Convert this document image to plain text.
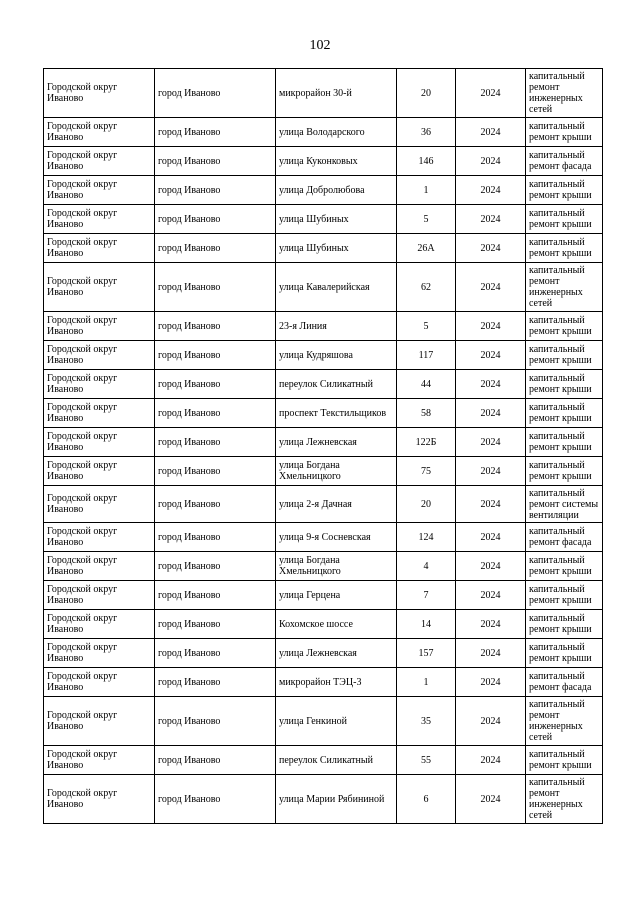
102
Городской округ Иваново	город Иваново	микрорайон 30-й	20	2024	капитальный ремонт инженерных сетей
Городской округ Иваново	город Иваново	улица Володарского	36	2024	капитальный ремонт крыши
Городской округ Иваново	город Иваново	улица Куконковых	146	2024	капитальный ремонт фасада
Городской округ Иваново	город Иваново	улица Добролюбова	1	2024	капитальный ремонт крыши
Городской округ Иваново	город Иваново	улица Шубиных	5	2024	капитальный ремонт крыши
Городской округ Иваново	город Иваново	улица Шубиных	26А	2024	капитальный ремонт крыши
Городской округ Иваново	город Иваново	улица Кавалерийская	62	2024	капитальный ремонт инженерных сетей
Городской округ Иваново	город Иваново	23-я Линия	5	2024	капитальный ремонт крыши
Городской округ Иваново	город Иваново	улица Кудряшова	117	2024	капитальный ремонт крыши
Городской округ Иваново	город Иваново	переулок Силикатный	44	2024	капитальный ремонт крыши
Городской округ Иваново	город Иваново	проспект Текстильщиков	58	2024	капитальный ремонт крыши
Городской округ Иваново	город Иваново	улица Лежневская	122Б	2024	капитальный ремонт крыши
Городской округ Иваново	город Иваново	улица Богдана Хмельницкого	75	2024	капитальный ремонт крыши
Городской округ Иваново	город Иваново	улица 2-я Дачная	20	2024	капитальный ремонт системы вентиляции
Городской округ Иваново	город Иваново	улица 9-я Сосневская	124	2024	капитальный ремонт фасада
Городской округ Иваново	город Иваново	улица Богдана Хмельницкого	4	2024	капитальный ремонт крыши
Городской округ Иваново	город Иваново	улица Герцена	7	2024	капитальный ремонт крыши
Городской округ Иваново	город Иваново	Кохомское шоссе	14	2024	капитальный ремонт крыши
Городской округ Иваново	город Иваново	улица Лежневская	157	2024	капитальный ремонт крыши
Городской округ Иваново	город Иваново	микрорайон ТЭЦ-3	1	2024	капитальный ремонт фасада
Городской округ Иваново	город Иваново	улица Генкиной	35	2024	капитальный ремонт инженерных сетей
Городской округ Иваново	город Иваново	переулок Силикатный	55	2024	капитальный ремонт крыши
Городской округ Иваново	город Иваново	улица Марии Рябининой	6	2024	капитальный ремонт инженерных сетей
